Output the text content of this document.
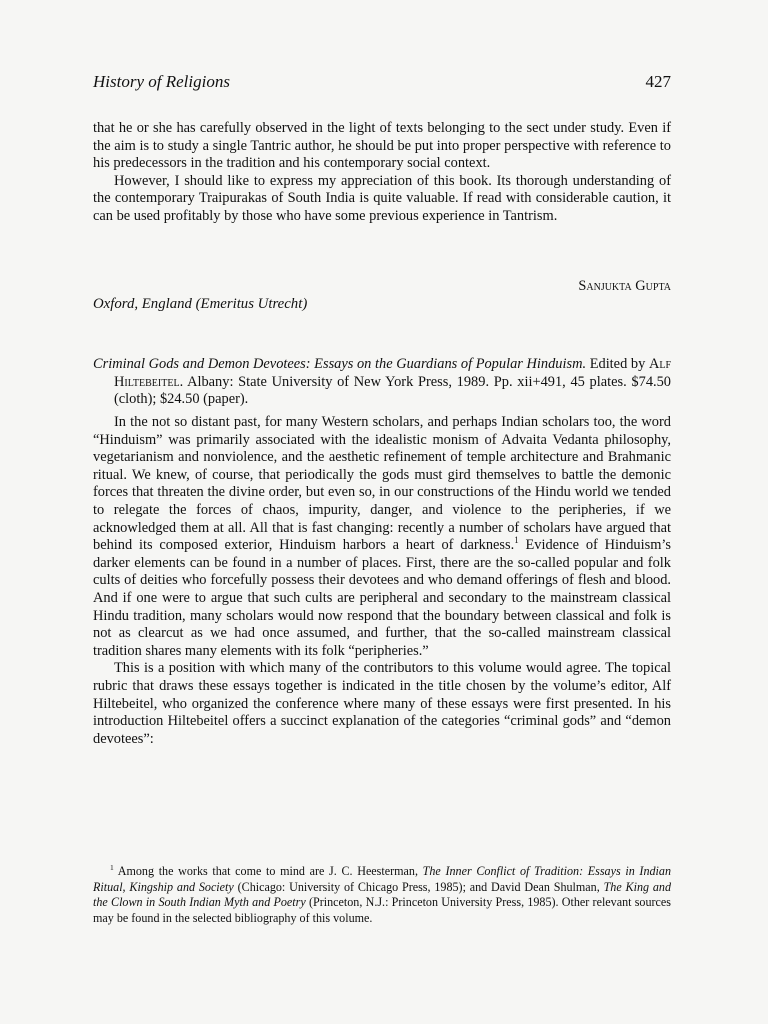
History of Religions	427

that he or she has carefully observed in the light of texts belonging to the sect under study. Even if the aim is to study a single Tantric author, he should be put into proper perspective with reference to his predecessors in the tradition and his contemporary social context.

However, I should like to express my appreciation of this book. Its thorough understanding of the contemporary Traipurakas of South India is quite valuable. If read with considerable caution, it can be used profitably by those who have some previous experience in Tantrism.

Sanjukta Gupta

Oxford, England (Emeritus Utrecht)

Criminal Gods and Demon Devotees: Essays on the Guardians of Popular Hinduism. Edited by Alf Hiltebeitel. Albany: State University of New York Press, 1989. Pp. xii+491, 45 plates. $74.50 (cloth); $24.50 (paper).

In the not so distant past, for many Western scholars, and perhaps Indian scholars too, the word “Hinduism” was primarily associated with the idealistic monism of Advaita Vedanta philosophy, vegetarianism and nonviolence, and the aesthetic refinement of temple architecture and Brahmanic ritual. We knew, of course, that periodically the gods must gird themselves to battle the demonic forces that threaten the divine order, but even so, in our constructions of the Hindu world we tended to relegate the forces of chaos, impurity, danger, and violence to the peripheries, if we acknowledged them at all. All that is fast changing: recently a number of scholars have argued that behind its composed exterior, Hinduism harbors a heart of darkness.$^1$ Evidence of Hinduism’s darker elements can be found in a number of places. First, there are the so-called popular and folk cults of deities who forcefully possess their devotees and who demand offerings of flesh and blood. And if one were to argue that such cults are peripheral and secondary to the mainstream classical Hindu tradition, many scholars would now respond that the boundary between classical and folk is not as clearcut as we had once assumed, and further, that the so-called mainstream classical tradition shares many elements with its folk “peripheries.”

This is a position with which many of the contributors to this volume would agree. The topical rubric that draws these essays together is indicated in the title chosen by the volume’s editor, Alf Hiltebeitel, who organized the conference where many of these essays were first presented. In his introduction Hiltebeitel offers a succinct explanation of the categories “criminal gods” and “demon devotees”:

$^1$ Among the works that come to mind are J. C. Heesterman, The Inner Conflict of Tradition: Essays in Indian Ritual, Kingship and Society (Chicago: University of Chicago Press, 1985); and David Dean Shulman, The King and the Clown in South Indian Myth and Poetry (Princeton, N.J.: Princeton University Press, 1985). Other relevant sources may be found in the selected bibliography of this volume.
